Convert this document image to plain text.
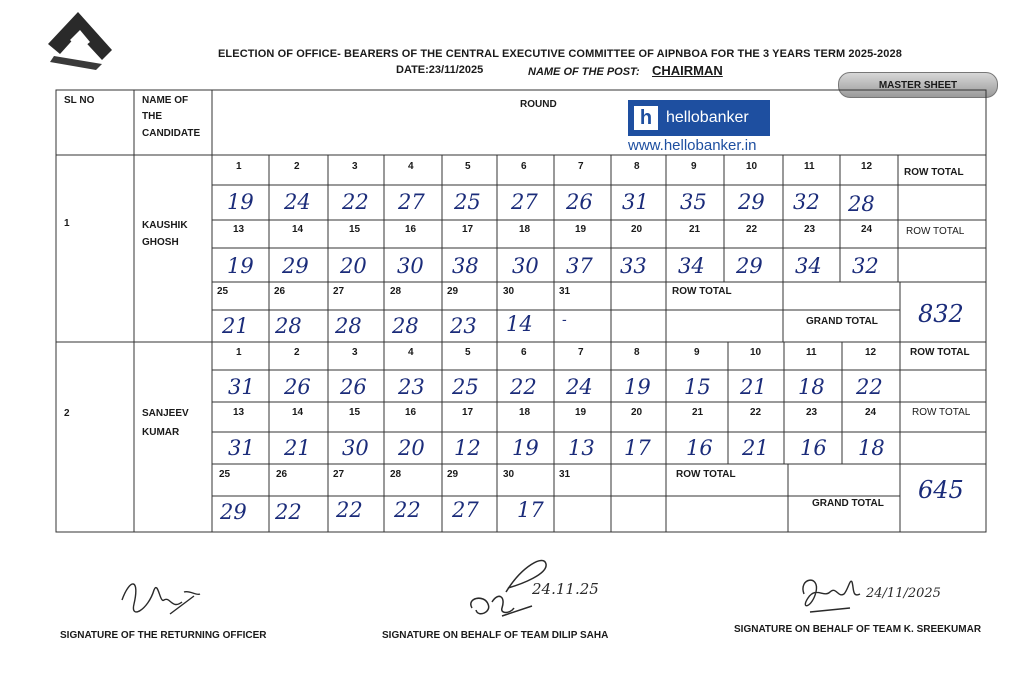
ELECTION OF OFFICE- BEARERS OF THE CENTRAL EXECUTIVE COMMITTEE OF AIPNBOA FOR THE 3 YEARS TERM 2025-2028
DATE:23/11/2025	NAME OF THE POST: CHAIRMAN
MASTER SHEET
SL NO	NAME OF
THE
CANDIDATE
ROUND
h hellobanker
www.hellobanker.in
1	KAUSHIK
GHOSH
1	2	3	4	5	6	7	8	9	10	11	12
ROW TOTAL
19 24 22 27 25 27 26 31 35 29 32 28
13	14	15	16	17	18	19	20	21	22	23	24	ROW TOTAL
19 29 20 30 38 30 37 33 34 29 34 32
25	26	27	28	29	30	31	ROW TOTAL
21 28 28 28 23 14 -	GRAND TOTAL 832
2	SANJEEV
KUMAR
1	2	3	4	5	6	7	8	9	10	11	12	ROW TOTAL
31 26 26 23 25 22 24 19 15 21 18 22
13	14	15	16	17	18	19	20	21	22	23	24	ROW TOTAL
31 21 30 20 12 19 13 17 16 21 16 18
25	26	27	28	29	30	31	ROW TOTAL
29 22 22 22 27 17	GRAND TOTAL 645
24.11.25	24/11/2025
SIGNATURE OF THE RETURNING OFFICER	SIGNATURE ON BEHALF OF TEAM DILIP SAHA
SIGNATURE ON BEHALF OF TEAM K. SREEKUMAR
